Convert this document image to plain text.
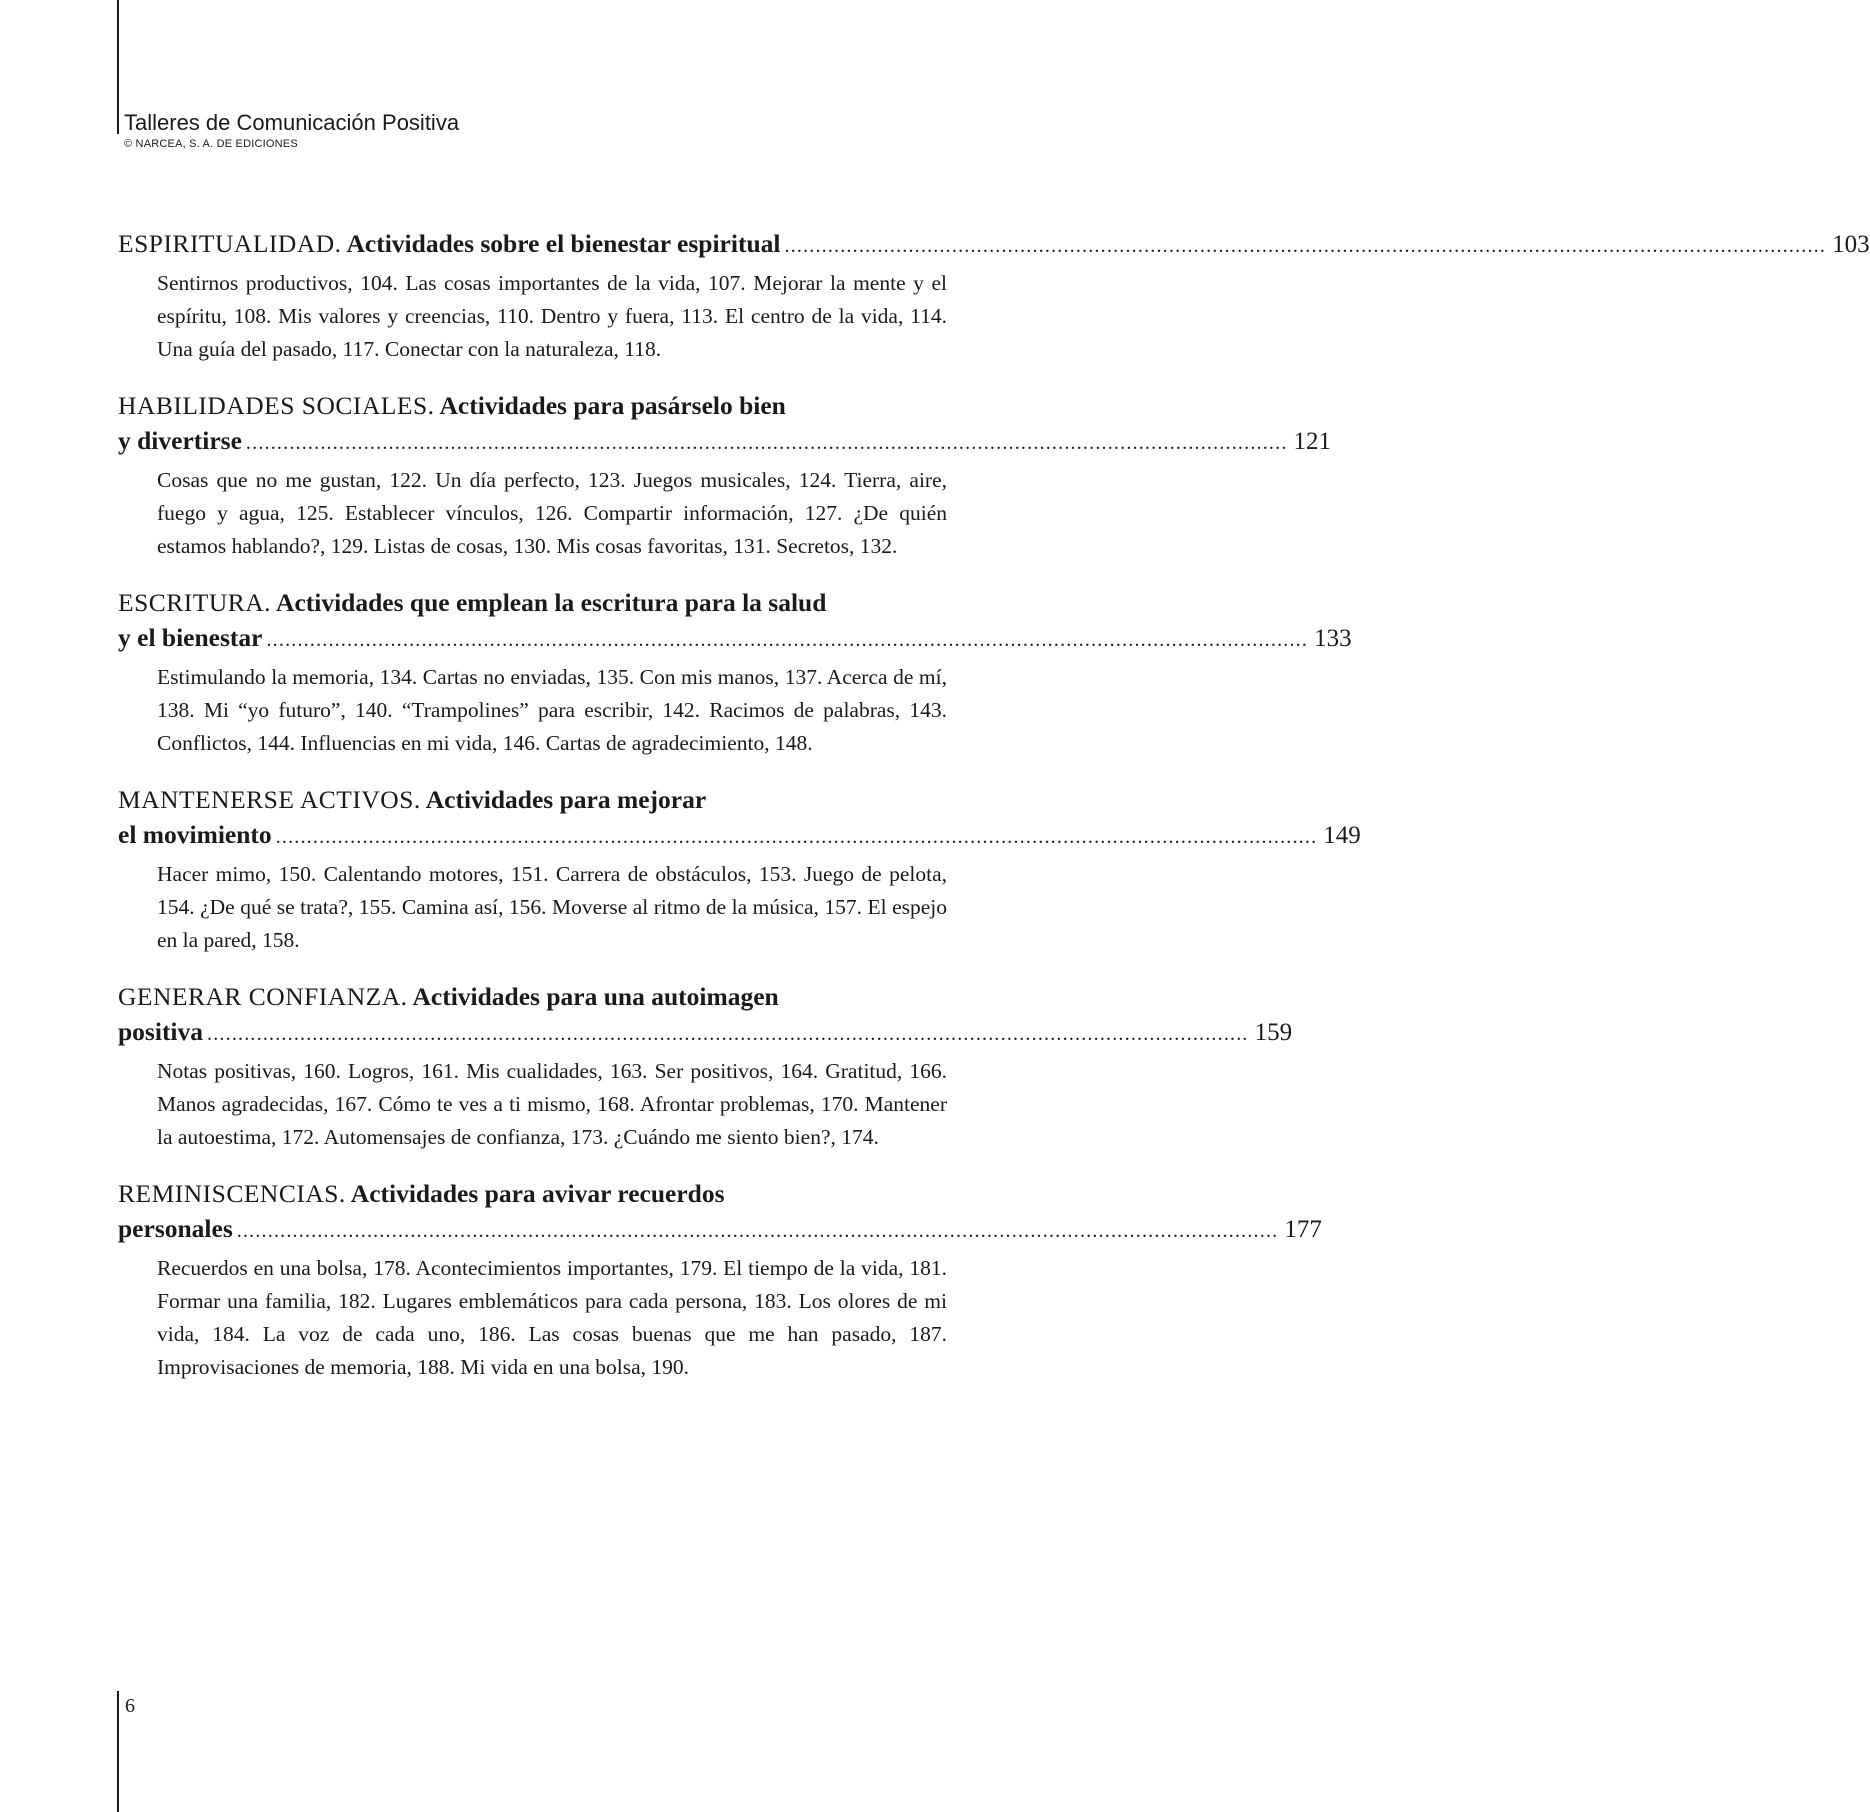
Talleres de Comunicación Positiva
© NARCEA, S. A. DE EDICIONES
ESPIRITUALIDAD. Actividades sobre el bienestar espiritual ........................................................................................................................................................................ 103
Sentirnos productivos, 104. Las cosas importantes de la vida, 107. Mejorar la mente y el espíritu, 108. Mis valores y creencias, 110. Dentro y fuera, 113. El centro de la vida, 114. Una guía del pasado, 117. Conectar con la naturaleza, 118.
HABILIDADES SOCIALES. Actividades para pasárselo bien
y divertirse ........................................................................................................................................................................ 121
Cosas que no me gustan, 122. Un día perfecto, 123. Juegos musicales, 124. Tierra, aire, fuego y agua, 125. Establecer vínculos, 126. Compartir información, 127. ¿De quién estamos hablando?, 129. Listas de cosas, 130. Mis cosas favoritas, 131. Secretos, 132.
ESCRITURA. Actividades que emplean la escritura para la salud
y el bienestar ........................................................................................................................................................................ 133
Estimulando la memoria, 134. Cartas no enviadas, 135. Con mis manos, 137. Acerca de mí, 138. Mi “yo futuro”, 140. “Trampolines” para escribir, 142. Racimos de palabras, 143. Conflictos, 144. Influencias en mi vida, 146. Cartas de agradecimiento, 148.
MANTENERSE ACTIVOS. Actividades para mejorar
el movimiento ........................................................................................................................................................................ 149
Hacer mimo, 150. Calentando motores, 151. Carrera de obstáculos, 153. Juego de pelota, 154. ¿De qué se trata?, 155. Camina así, 156. Moverse al ritmo de la música, 157. El espejo en la pared, 158.
GENERAR CONFIANZA. Actividades para una autoimagen
positiva ........................................................................................................................................................................ 159
Notas positivas, 160. Logros, 161. Mis cualidades, 163. Ser positivos, 164. Gratitud, 166. Manos agradecidas, 167. Cómo te ves a ti mismo, 168. Afrontar problemas, 170. Mantener la autoestima, 172. Automensajes de confianza, 173. ¿Cuándo me siento bien?, 174.
REMINISCENCIAS. Actividades para avivar recuerdos
personales ........................................................................................................................................................................ 177
Recuerdos en una bolsa, 178. Acontecimientos importantes, 179. El tiempo de la vida, 181. Formar una familia, 182. Lugares emblemáticos para cada persona, 183. Los olores de mi vida, 184. La voz de cada uno, 186. Las cosas buenas que me han pasado, 187. Improvisaciones de memoria, 188. Mi vida en una bolsa, 190.
6
